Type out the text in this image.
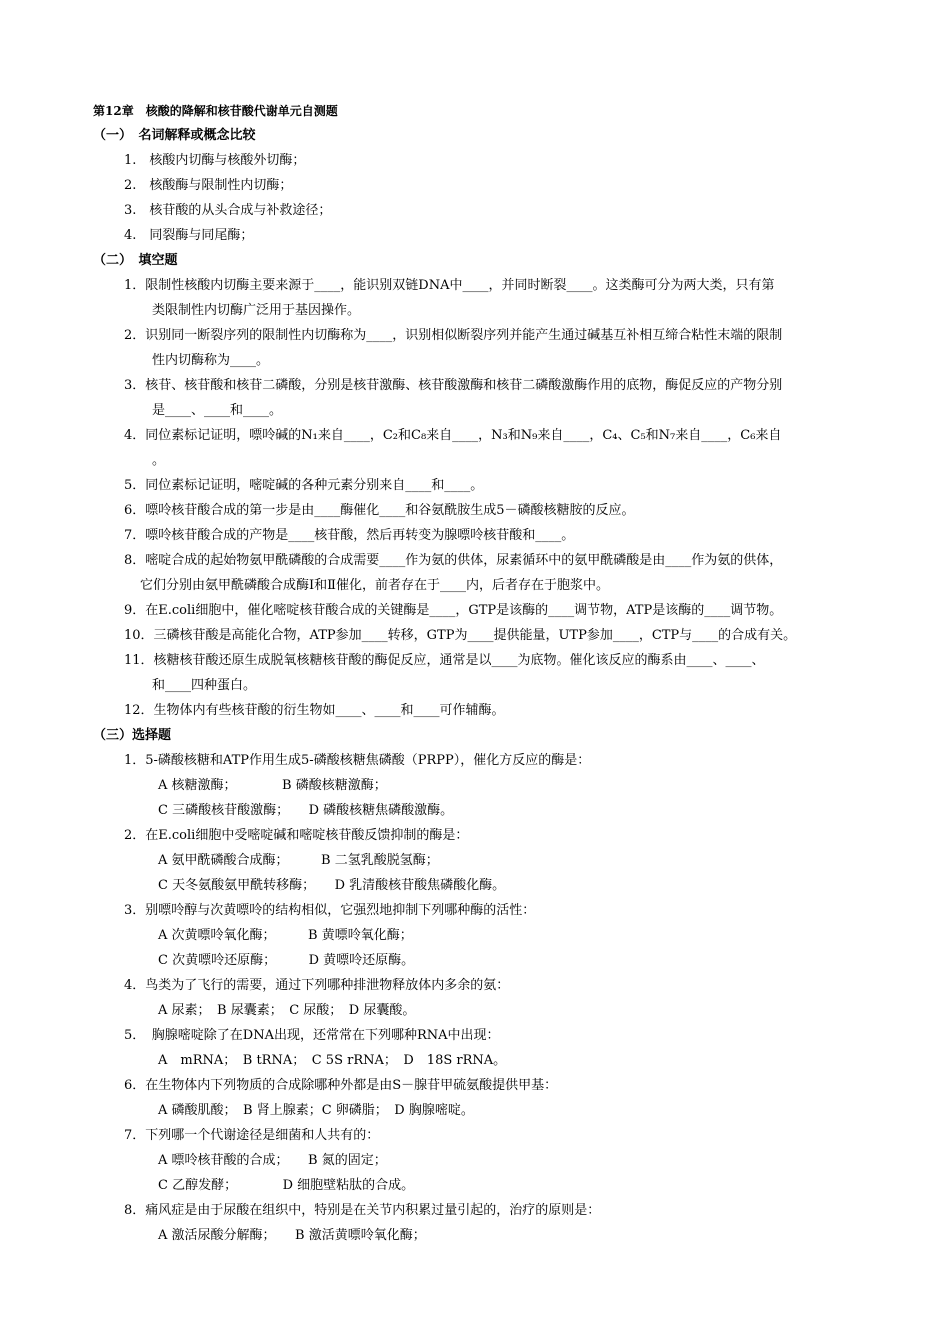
第12章　核酸的降解和核苷酸代谢单元自测题
（一）　名词解释或概念比较
1.　核酸内切酶与核酸外切酶；
2.　核酸酶与限制性内切酶；
3.　核苷酸的从头合成与补救途径；
4.　同裂酶与同尾酶；
（二）　填空题
1．限制性核酸内切酶主要来源于____，能识别双链DNA中____，并同时断裂____。这类酶可分为两大类，只有第
类限制性内切酶广泛用于基因操作。
2．识别同一断裂序列的限制性内切酶称为____，识别相似断裂序列并能产生通过碱基互补相互缔合粘性末端的限制
性内切酶称为____。
3．核苷、核苷酸和核苷二磷酸，分别是核苷激酶、核苷酸激酶和核苷二磷酸激酶作用的底物，酶促反应的产物分别
是____、____和____。
4．同位素标记证明，嘌呤碱的N₁来自____，C₂和C₈来自____，N₃和N₉来自____，C₄、C₅和N₇来自____，C₆来自
。
5．同位素标记证明，嘧啶碱的各种元素分别来自____和____。
6．嘌呤核苷酸合成的第一步是由____酶催化____和谷氨酰胺生成5－磷酸核糖胺的反应。
7．嘌呤核苷酸合成的产物是____核苷酸，然后再转变为腺嘌呤核苷酸和____。
8．嘧啶合成的起始物氨甲酰磷酸的合成需要____作为氨的供体，尿素循环中的氨甲酰磷酸是由____作为氨的供体，
它们分别由氨甲酰磷酸合成酶Ⅰ和Ⅱ催化，前者存在于____内，后者存在于胞浆中。
9．在E.coli细胞中，催化嘧啶核苷酸合成的关键酶是____，GTP是该酶的____调节物，ATP是该酶的____调节物。
10．三磷核苷酸是高能化合物，ATP参加____转移，GTP为____提供能量，UTP参加____，CTP与____的合成有关。
11．核糖核苷酸还原生成脱氧核糖核苷酸的酶促反应，通常是以____为底物。催化该反应的酶系由____、____、
和____四种蛋白。
12．生物体内有些核苷酸的衍生物如____、____和____可作辅酶。
（三）选择题
1．5-磷酸核糖和ATP作用生成5-磷酸核糖焦磷酸（PRPP），催化方反应的酶是：
A 核糖激酶；　　　　B 磷酸核糖激酶；
C 三磷酸核苷酸激酶；　　D 磷酸核糖焦磷酸激酶。
2．在E.coli细胞中受嘧啶碱和嘧啶核苷酸反馈抑制的酶是：
A 氨甲酰磷酸合成酶；　　　B 二氢乳酸脱氢酶；
C 天冬氨酸氨甲酰转移酶；　　D 乳清酸核苷酸焦磷酸化酶。
3．别嘌呤醇与次黄嘌呤的结构相似，它强烈地抑制下列哪种酶的活性：
A 次黄嘌呤氧化酶；　　　B 黄嘌呤氧化酶；
C 次黄嘌呤还原酶；　　　D 黄嘌呤还原酶。
4．鸟类为了飞行的需要，通过下列哪种排泄物释放体内多余的氨：
A 尿素；　B 尿囊素；　C 尿酸；　D 尿囊酸。
5．　胸腺嘧啶除了在DNA出现，还常常在下列哪种RNA中出现：
A　mRNA；　B tRNA；　C 5S rRNA；　D　18S rRNA。
6．在生物体内下列物质的合成除哪种外都是由S－腺苷甲硫氨酸提供甲基：
A 磷酸肌酸；　B 肾上腺素；C 卵磷脂；　D 胸腺嘧啶。
7．下列哪一个代谢途径是细菌和人共有的：
A 嘌呤核苷酸的合成；　　B 氮的固定；
C 乙醇发酵；　　　　D 细胞壁粘肽的合成。
8．痛风症是由于尿酸在组织中，特别是在关节内积累过量引起的，治疗的原则是：
A 激活尿酸分解酶；　　B 激活黄嘌呤氧化酶；
